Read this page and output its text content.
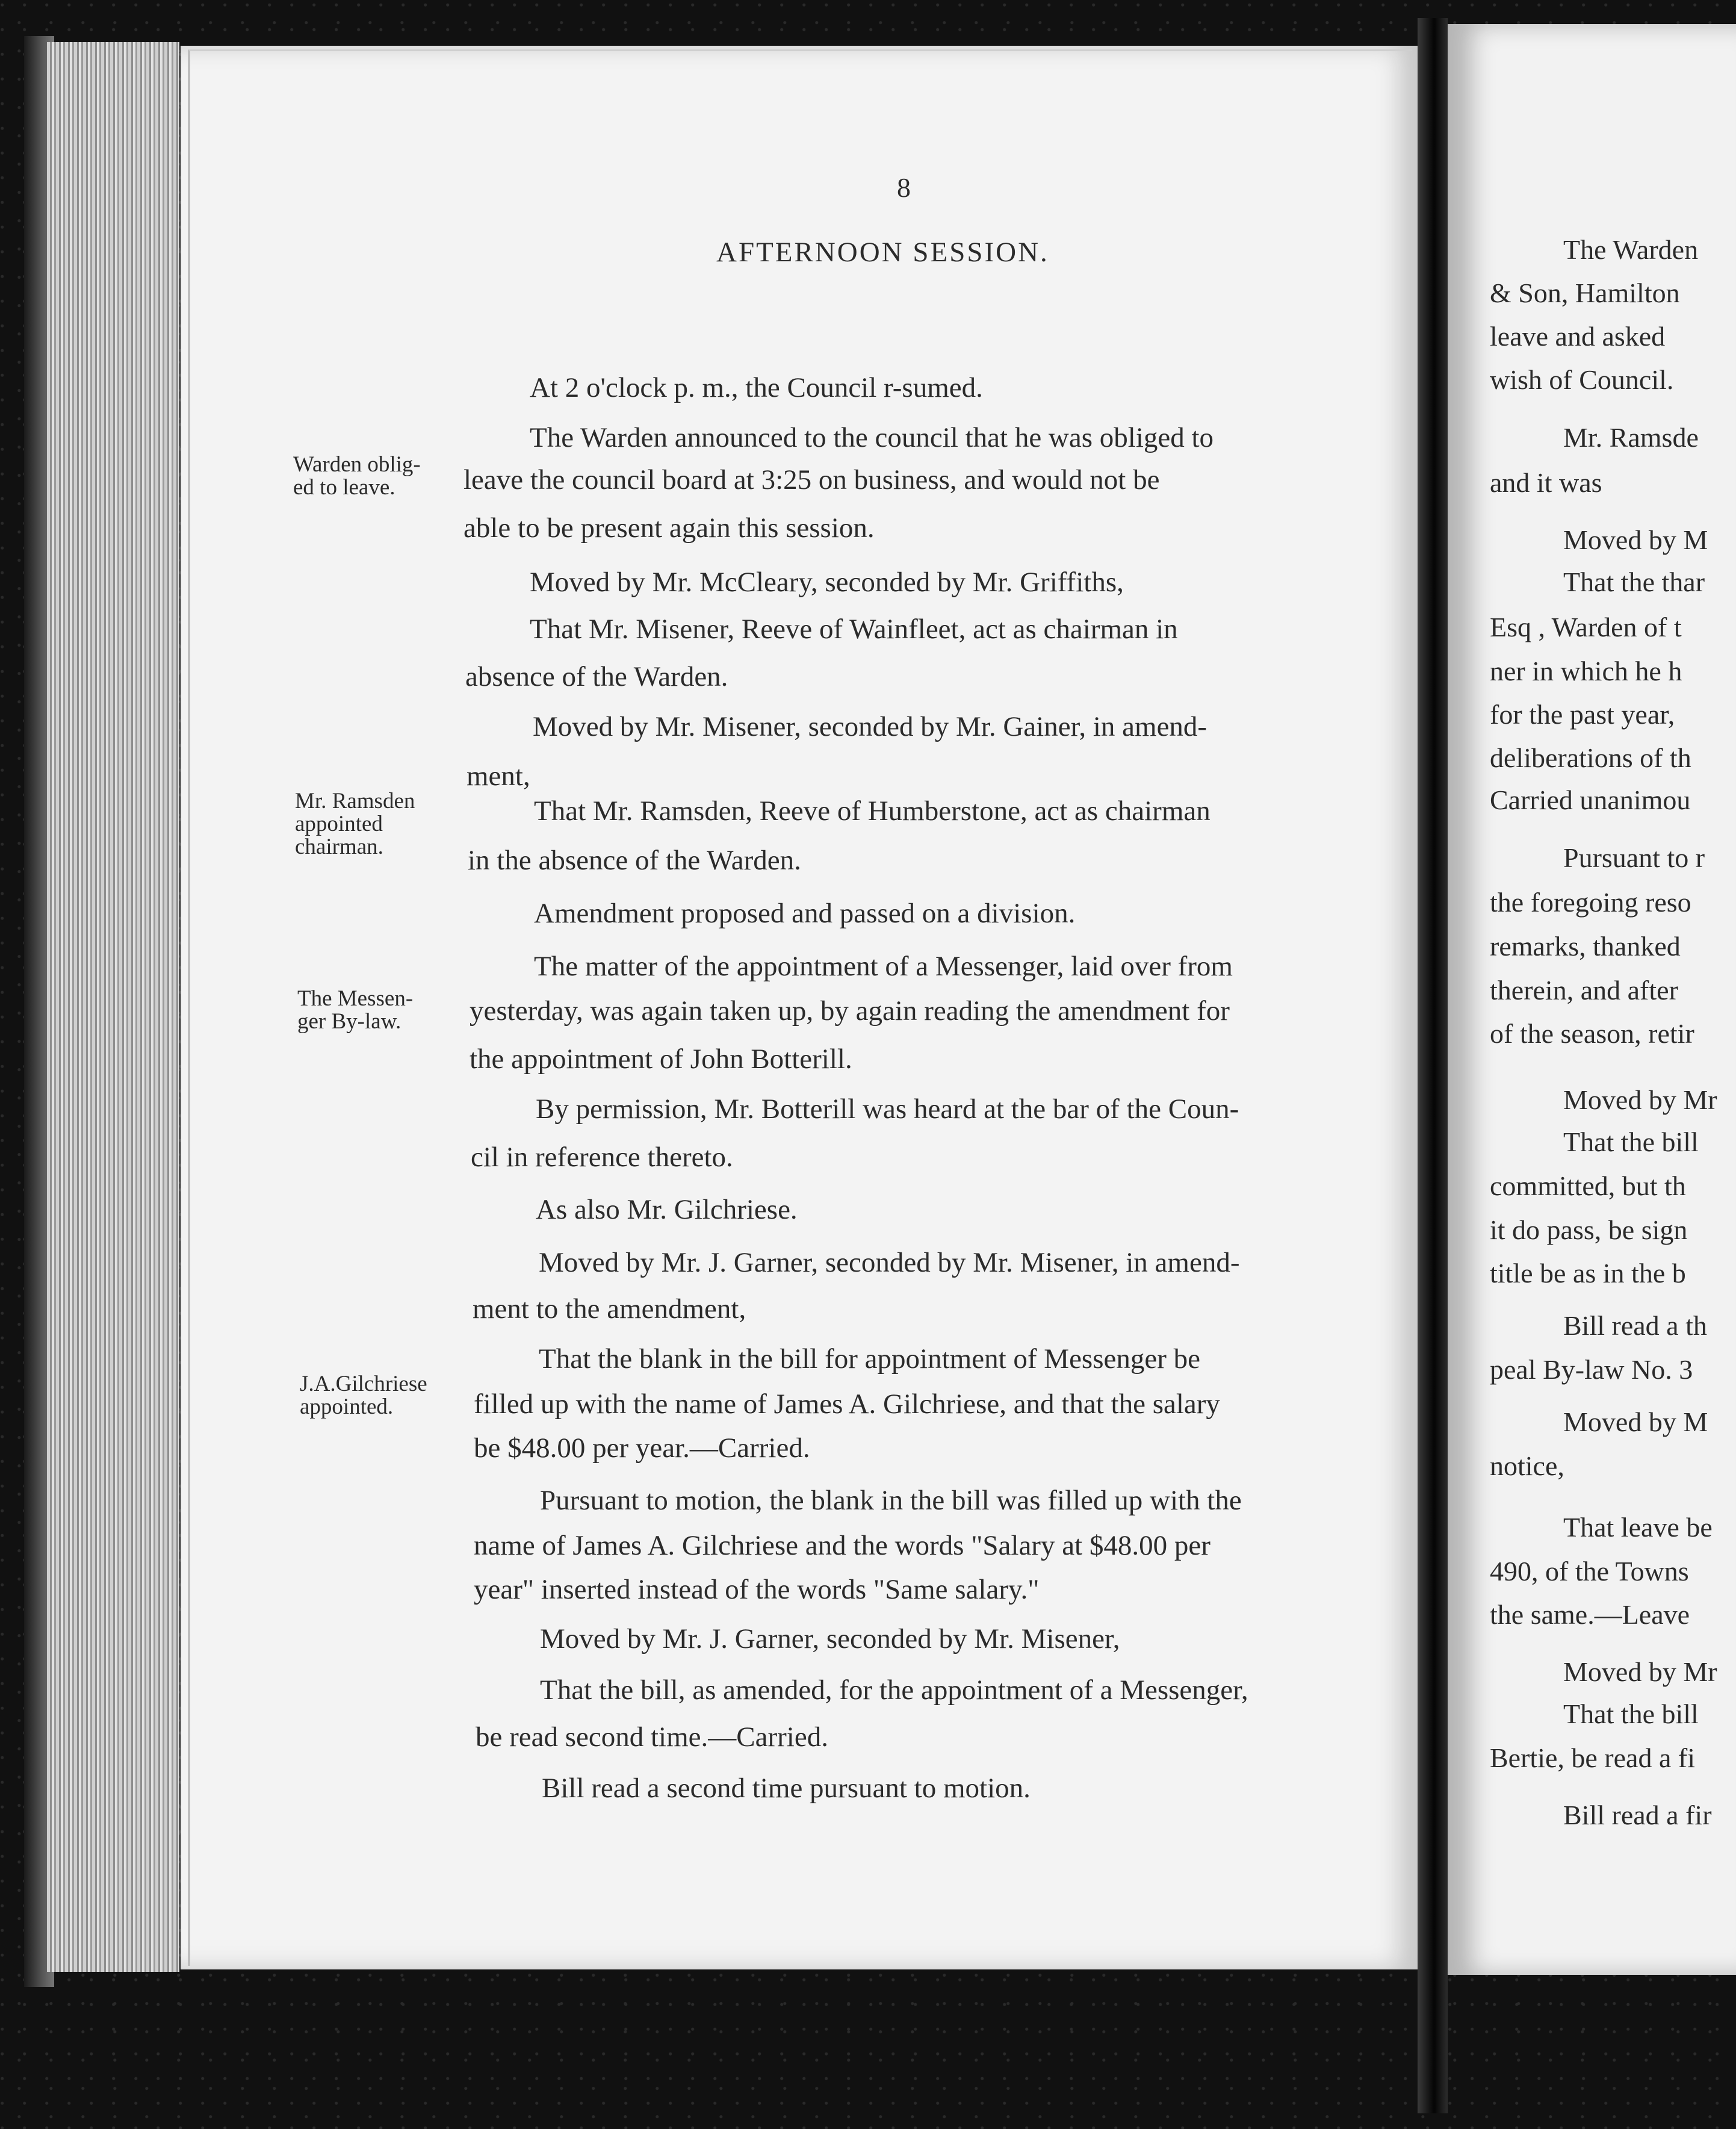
8
AFTERNOON SESSION.
Warden oblig-
ed to leave.
Mr. Ramsden
appointed
chairman.
The Messen-
ger By-law.
J.A.Gilchriese
appointed.
At 2 o'clock p. m., the Council r-sumed.
The Warden announced to the council that he was obliged to
leave the council board at 3:25 on business, and would not be
able to be present again this session.
Moved by Mr. McCleary, seconded by Mr. Griffiths,
That Mr. Misener, Reeve of Wainfleet, act as chairman in
absence of the Warden.
Moved by Mr. Misener, seconded by Mr. Gainer, in amend-
ment,
That Mr. Ramsden, Reeve of Humberstone, act as chairman
in the absence of the Warden.
Amendment proposed and passed on a division.
The matter of the appointment of a Messenger, laid over from
yesterday, was again taken up, by again reading the amendment for
the appointment of John Botterill.
By permission, Mr. Botterill was heard at the bar of the Coun-
cil in reference thereto.
As also Mr. Gilchriese.
Moved by Mr. J. Garner, seconded by Mr. Misener, in amend-
ment to the amendment,
That the blank in the bill for appointment of Messenger be
filled up with the name of James A. Gilchriese, and that the salary
be $48.00 per year.—Carried.
Pursuant to motion, the blank in the bill was filled up with the
name of James A. Gilchriese and the words "Salary at $48.00 per
year" inserted instead of the words "Same salary."
Moved by Mr. J. Garner, seconded by Mr. Misener,
That the bill, as amended, for the appointment of a Messenger,
be read second time.—Carried.
Bill read a second time pursuant to motion.
The Warden
& Son, Hamilton
leave and asked
wish of Council.
Mr. Ramsde
and it was
Moved by M
That the thar
Esq , Warden of t
ner in which he h
for the past year,
deliberations of th
Carried unanimou
Pursuant to r
the foregoing reso
remarks, thanked
therein, and after
of the season, retir
Moved by Mr
That the bill
committed, but th
it do pass, be sign
title be as in the b
Bill read a th
peal By-law No. 3
Moved by M
notice,
That leave be
490, of the Towns
the same.—Leave
Moved by Mr
That the bill
Bertie, be read a fi
Bill read a fir
